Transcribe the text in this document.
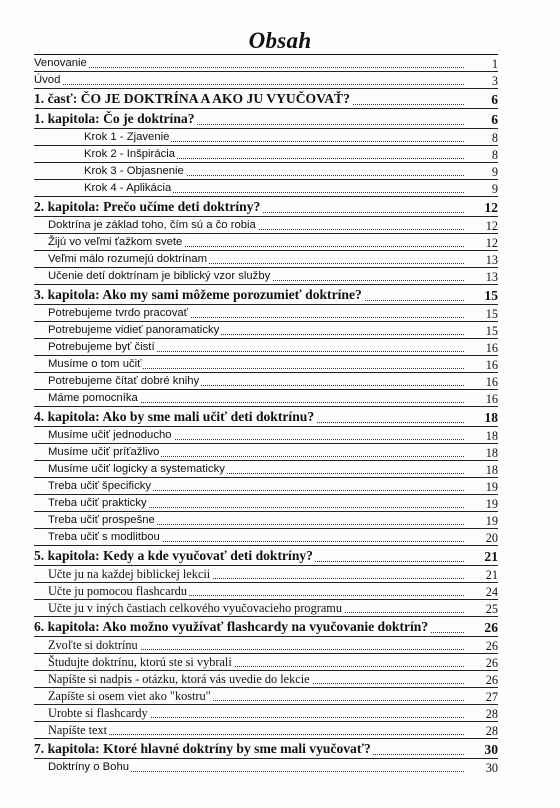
Obsah
Venovanie	1
Úvod	3
1. časť: ČO JE DOKTRÍNA A AKO JU VYUČOVAŤ?	6
1. kapitola: Čo je doktrína?	6
Krok 1 - Zjavenie	8
Krok 2 - Inšpirácia	8
Krok 3 - Objasnenie	9
Krok 4 - Aplikácia	9
2. kapitola: Prečo učíme deti doktríny?	12
Doktrína je základ toho, čím sú a čo robia	12
Žijú vo veľmi ťažkom svete	12
Veľmi málo rozumejú doktrínam	13
Učenie detí doktrínam je biblický vzor služby	13
3. kapitola: Ako my sami môžeme porozumieť doktríne?	15
Potrebujeme tvrdo pracovať	15
Potrebujeme vidieť panoramaticky	15
Potrebujeme byť čistí	16
Musíme o tom učiť	16
Potrebujeme čítať dobré knihy	16
Máme pomocníka	16
4. kapitola: Ako by sme mali učiť deti doktrínu?	18
Musíme učiť jednoducho	18
Musíme učiť príťažlivo	18
Musíme učiť logicky a systematicky	18
Treba učiť špecificky	19
Treba učiť prakticky	19
Treba učiť prospešne	19
Treba učiť s modlitbou	20
5. kapitola: Kedy a kde vyučovať deti doktríny?	21
Učte ju na každej biblickej lekcii	21
Učte ju pomocou flashcardu	24
Učte ju v iných častiach celkového vyučovacieho programu	25
6. kapitola: Ako možno využívať flashcardy na vyučovanie doktrín?	26
Zvoľte si doktrínu	26
Študujte doktrínu, ktorú ste si vybrali	26
Napíšte si nadpis - otázku, ktorá vás uvedie do lekcie	26
Zapíšte si osem viet ako "kostru"	27
Urobte si flashcardy	28
Napíšte text	28
7. kapitola: Ktoré hlavné doktríny by sme mali vyučovať?	30
Doktríny o Bohu	30
